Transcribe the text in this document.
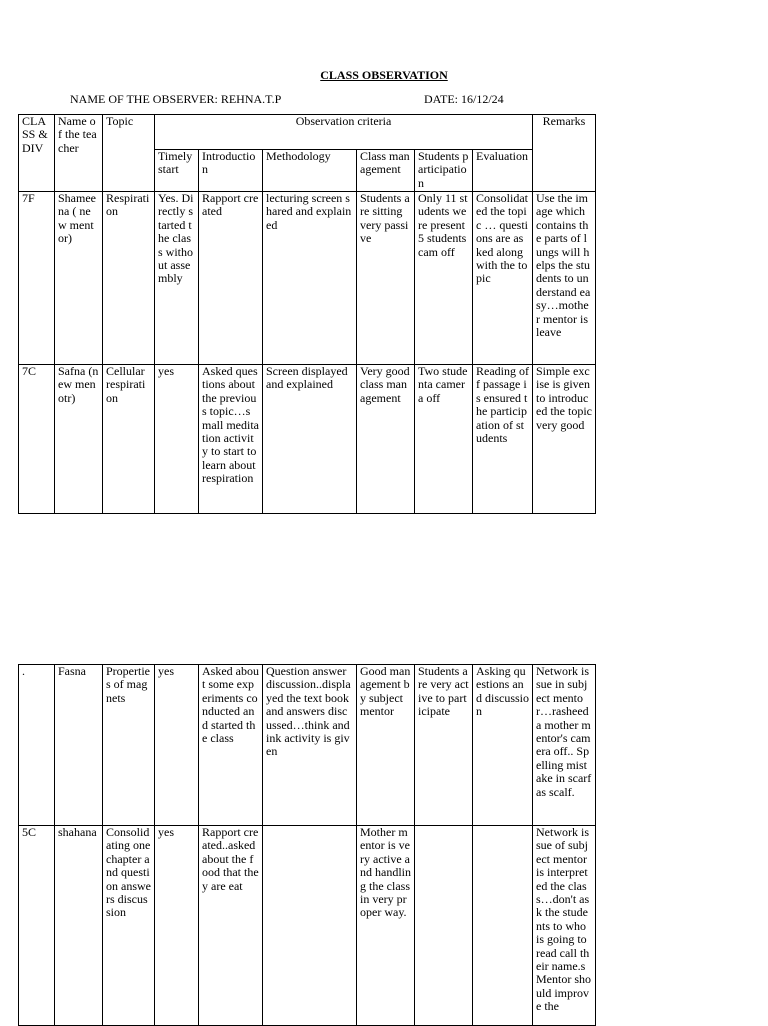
CLASS OBSERVATION
NAME OF THE OBSERVER: REHNA.T.P	DATE: 16/12/24
CLASS & DIV	Name of the teacher	Topic	Observation criteria						Remarks
			Timely start	Introduction	Methodology	Class management	Students participation	Evaluation	
7F	Shameena ( new mentor)	Respiration	Yes. Directly started the class without assembly	Rapport created	lecturing screen shared and explained	Students are sitting very passive	Only 11 students were present 5 students cam off	Consolidated the topic … questions are asked along with the topic	Use the image which contains the parts of lungs will helps the students to understand easy…mother mentor is leave
7C	Safna (new menotr)	Cellular respiration	yes	Asked questions about the previous topic…small meditation activity to start to learn about respiration	Screen displayed and explained	Very good class management	Two studenta camera off	Reading off passage is ensured the participation of students	Simple excise is given to introduced the topic very good
.	Fasna	Properties of magnets	yes	Asked about some experiments conducted and started the class	Question answer discussion..displayed the text book and answers discussed…think and ink activity is given	Good management by subject mentor	Students are very active to participate	Asking questions and discussion	Network issue in subject mentor…rasheeda mother mentor's camera off.. Spelling mistake in scarf as scalf.
5C	shahana	Consolidating one chapter and question answers discussion	yes	Rapport created..asked about the food that they are eat		Mother mentor is very active and handling the class in very proper way.			Network issue of subject mentor is interpreted the class…don't ask the students to who is going to read call their name.s Mentor should improve the
